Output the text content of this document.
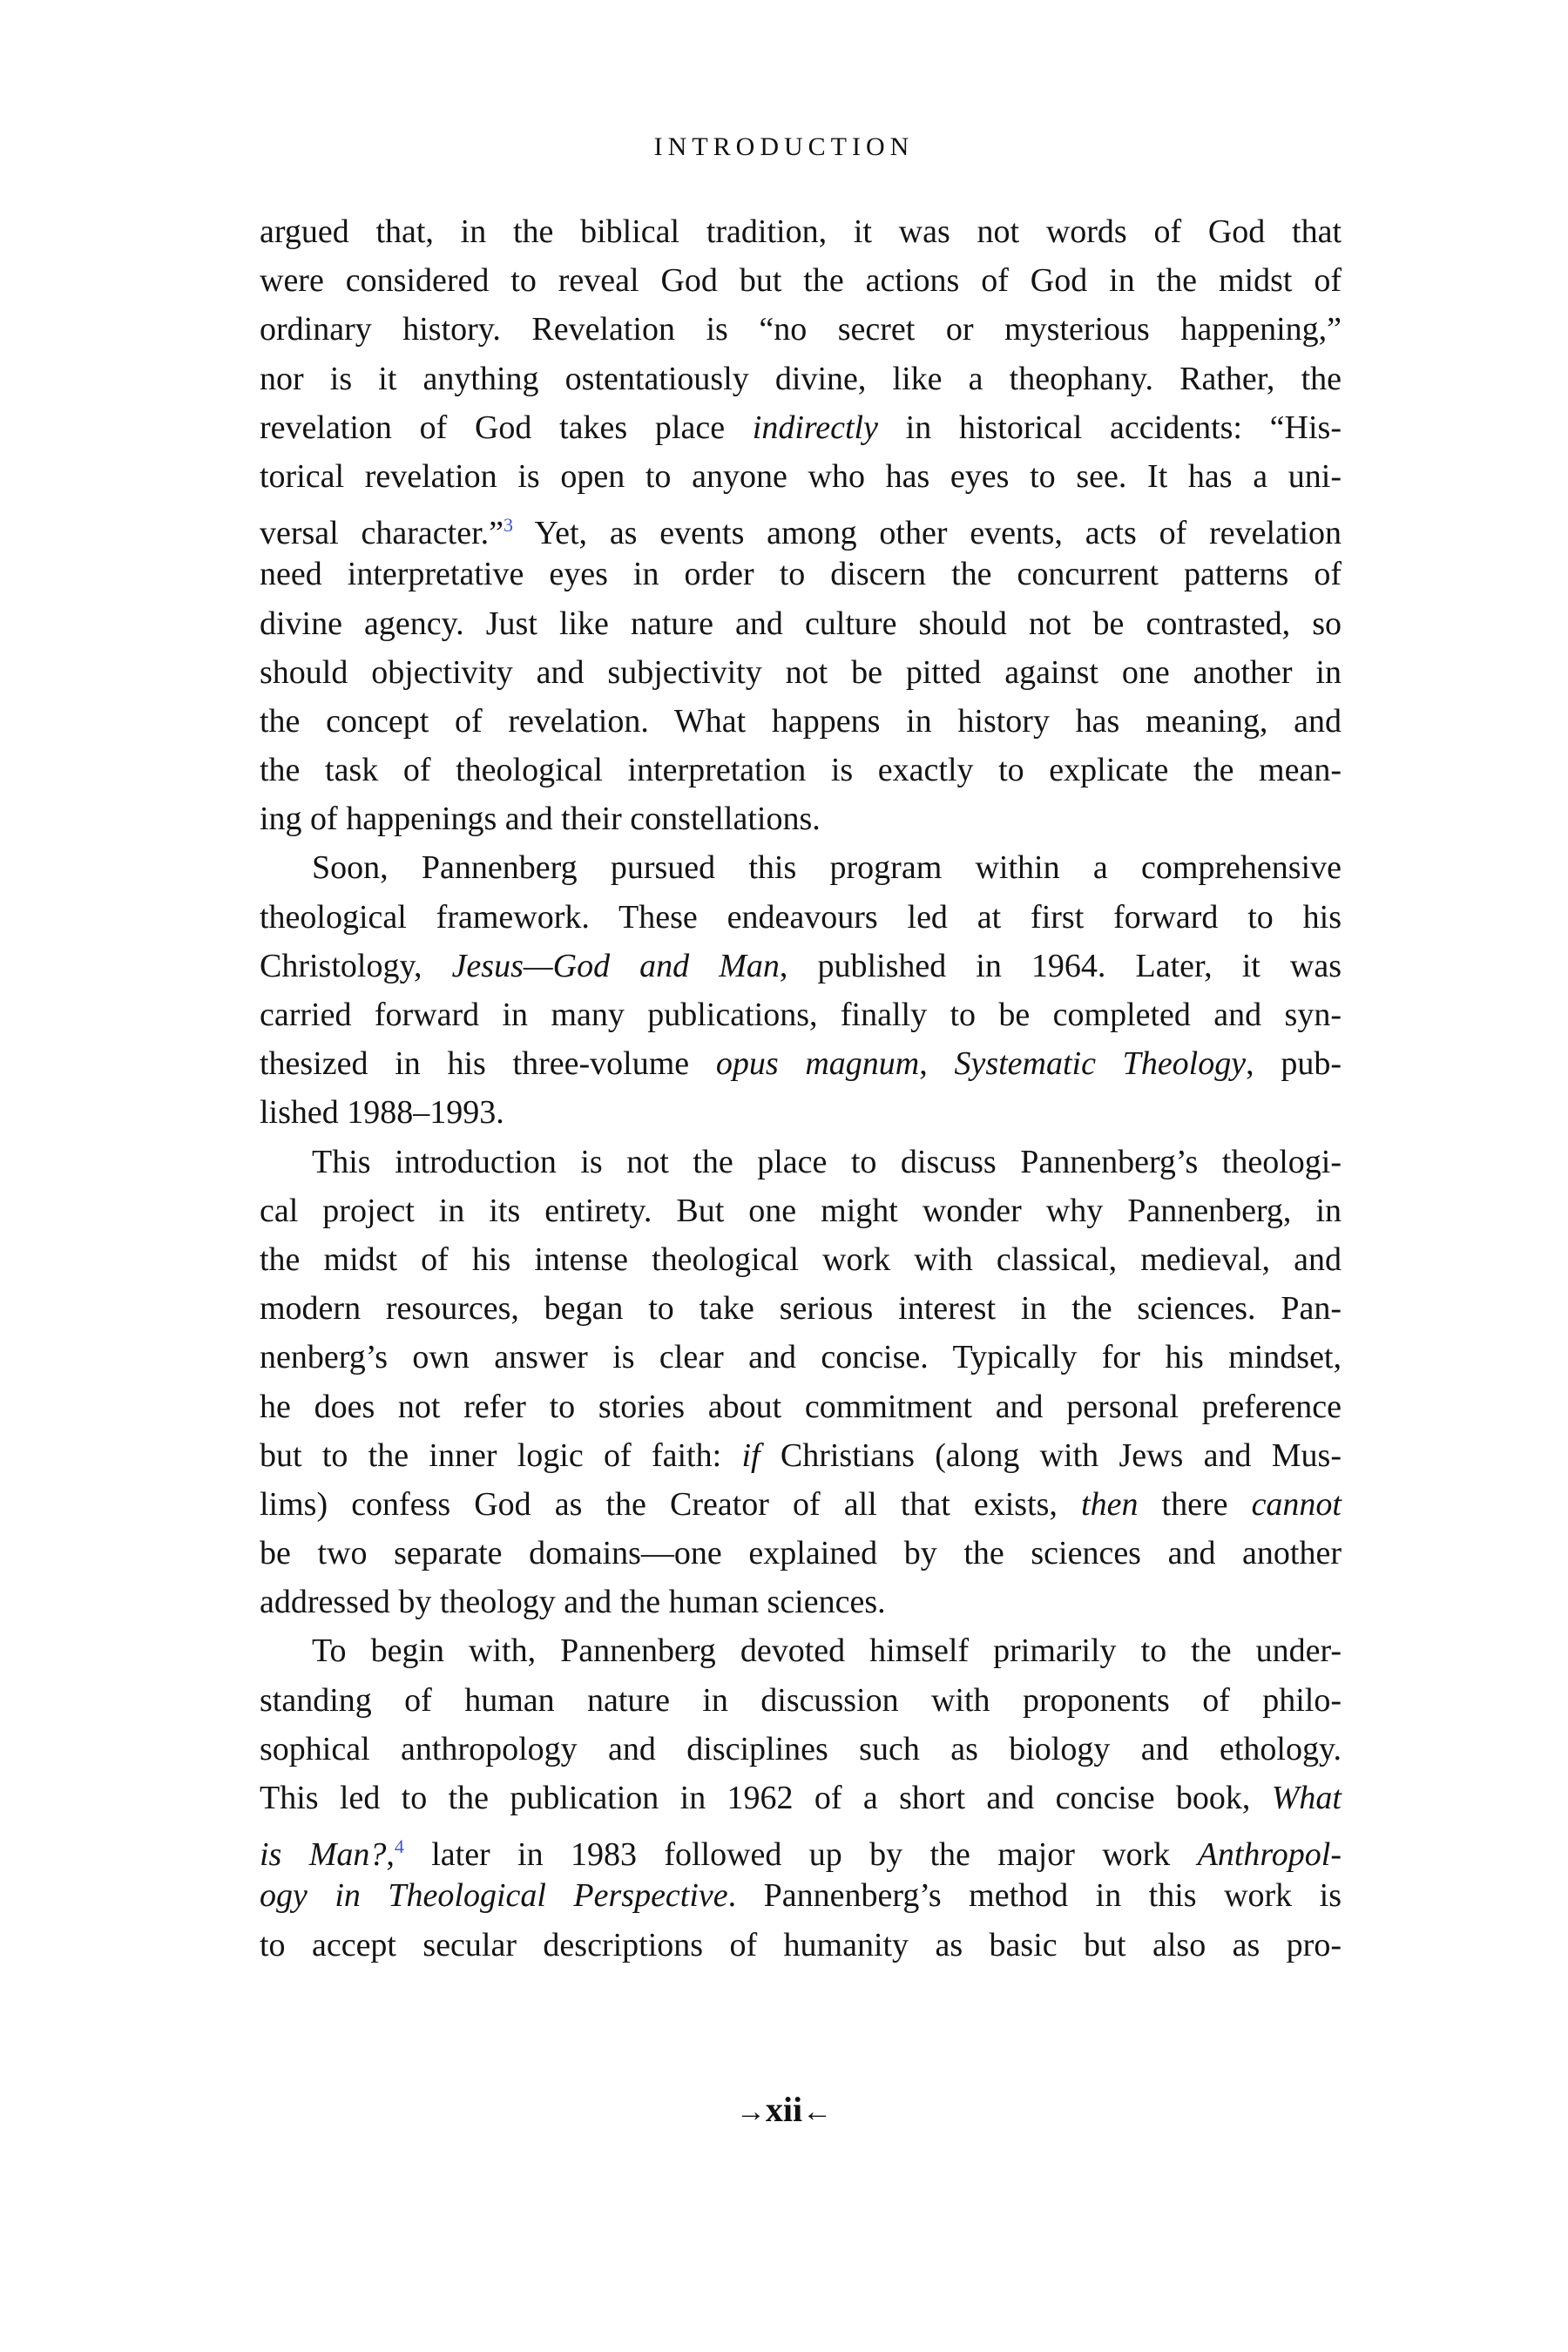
INTRODUCTION
argued that, in the biblical tradition, it was not words of God that
were considered to reveal God but the actions of God in the midst of
ordinary history. Revelation is “no secret or mysterious happening,”
nor is it anything ostentatiously divine, like a theophany. Rather, the
revelation of God takes place indirectly in historical accidents: “His-
torical revelation is open to anyone who has eyes to see. It has a uni-
versal character.”$^3$ Yet, as events among other events, acts of revelation
need interpretative eyes in order to discern the concurrent patterns of
divine agency. Just like nature and culture should not be contrasted, so
should objectivity and subjectivity not be pitted against one another in
the concept of revelation. What happens in history has meaning, and
the task of theological interpretation is exactly to explicate the mean-
ing of happenings and their constellations.
Soon, Pannenberg pursued this program within a comprehensive
theological framework. These endeavours led at first forward to his
Christology, Jesus—God and Man, published in 1964. Later, it was
carried forward in many publications, finally to be completed and syn-
thesized in his three-volume opus magnum, Systematic Theology, pub-
lished 1988–1993.
This introduction is not the place to discuss Pannenberg’s theologi-
cal project in its entirety. But one might wonder why Pannenberg, in
the midst of his intense theological work with classical, medieval, and
modern resources, began to take serious interest in the sciences. Pan-
nenberg’s own answer is clear and concise. Typically for his mindset,
he does not refer to stories about commitment and personal preference
but to the inner logic of faith: if Christians (along with Jews and Mus-
lims) confess God as the Creator of all that exists, then there cannot
be two separate domains—one explained by the sciences and another
addressed by theology and the human sciences.
To begin with, Pannenberg devoted himself primarily to the under-
standing of human nature in discussion with proponents of philo-
sophical anthropology and disciplines such as biology and ethology.
This led to the publication in 1962 of a short and concise book, What
is Man?,$^4$ later in 1983 followed up by the major work Anthropol-
ogy in Theological Perspective. Pannenberg’s method in this work is
to accept secular descriptions of humanity as basic but also as pro-
→xii←
